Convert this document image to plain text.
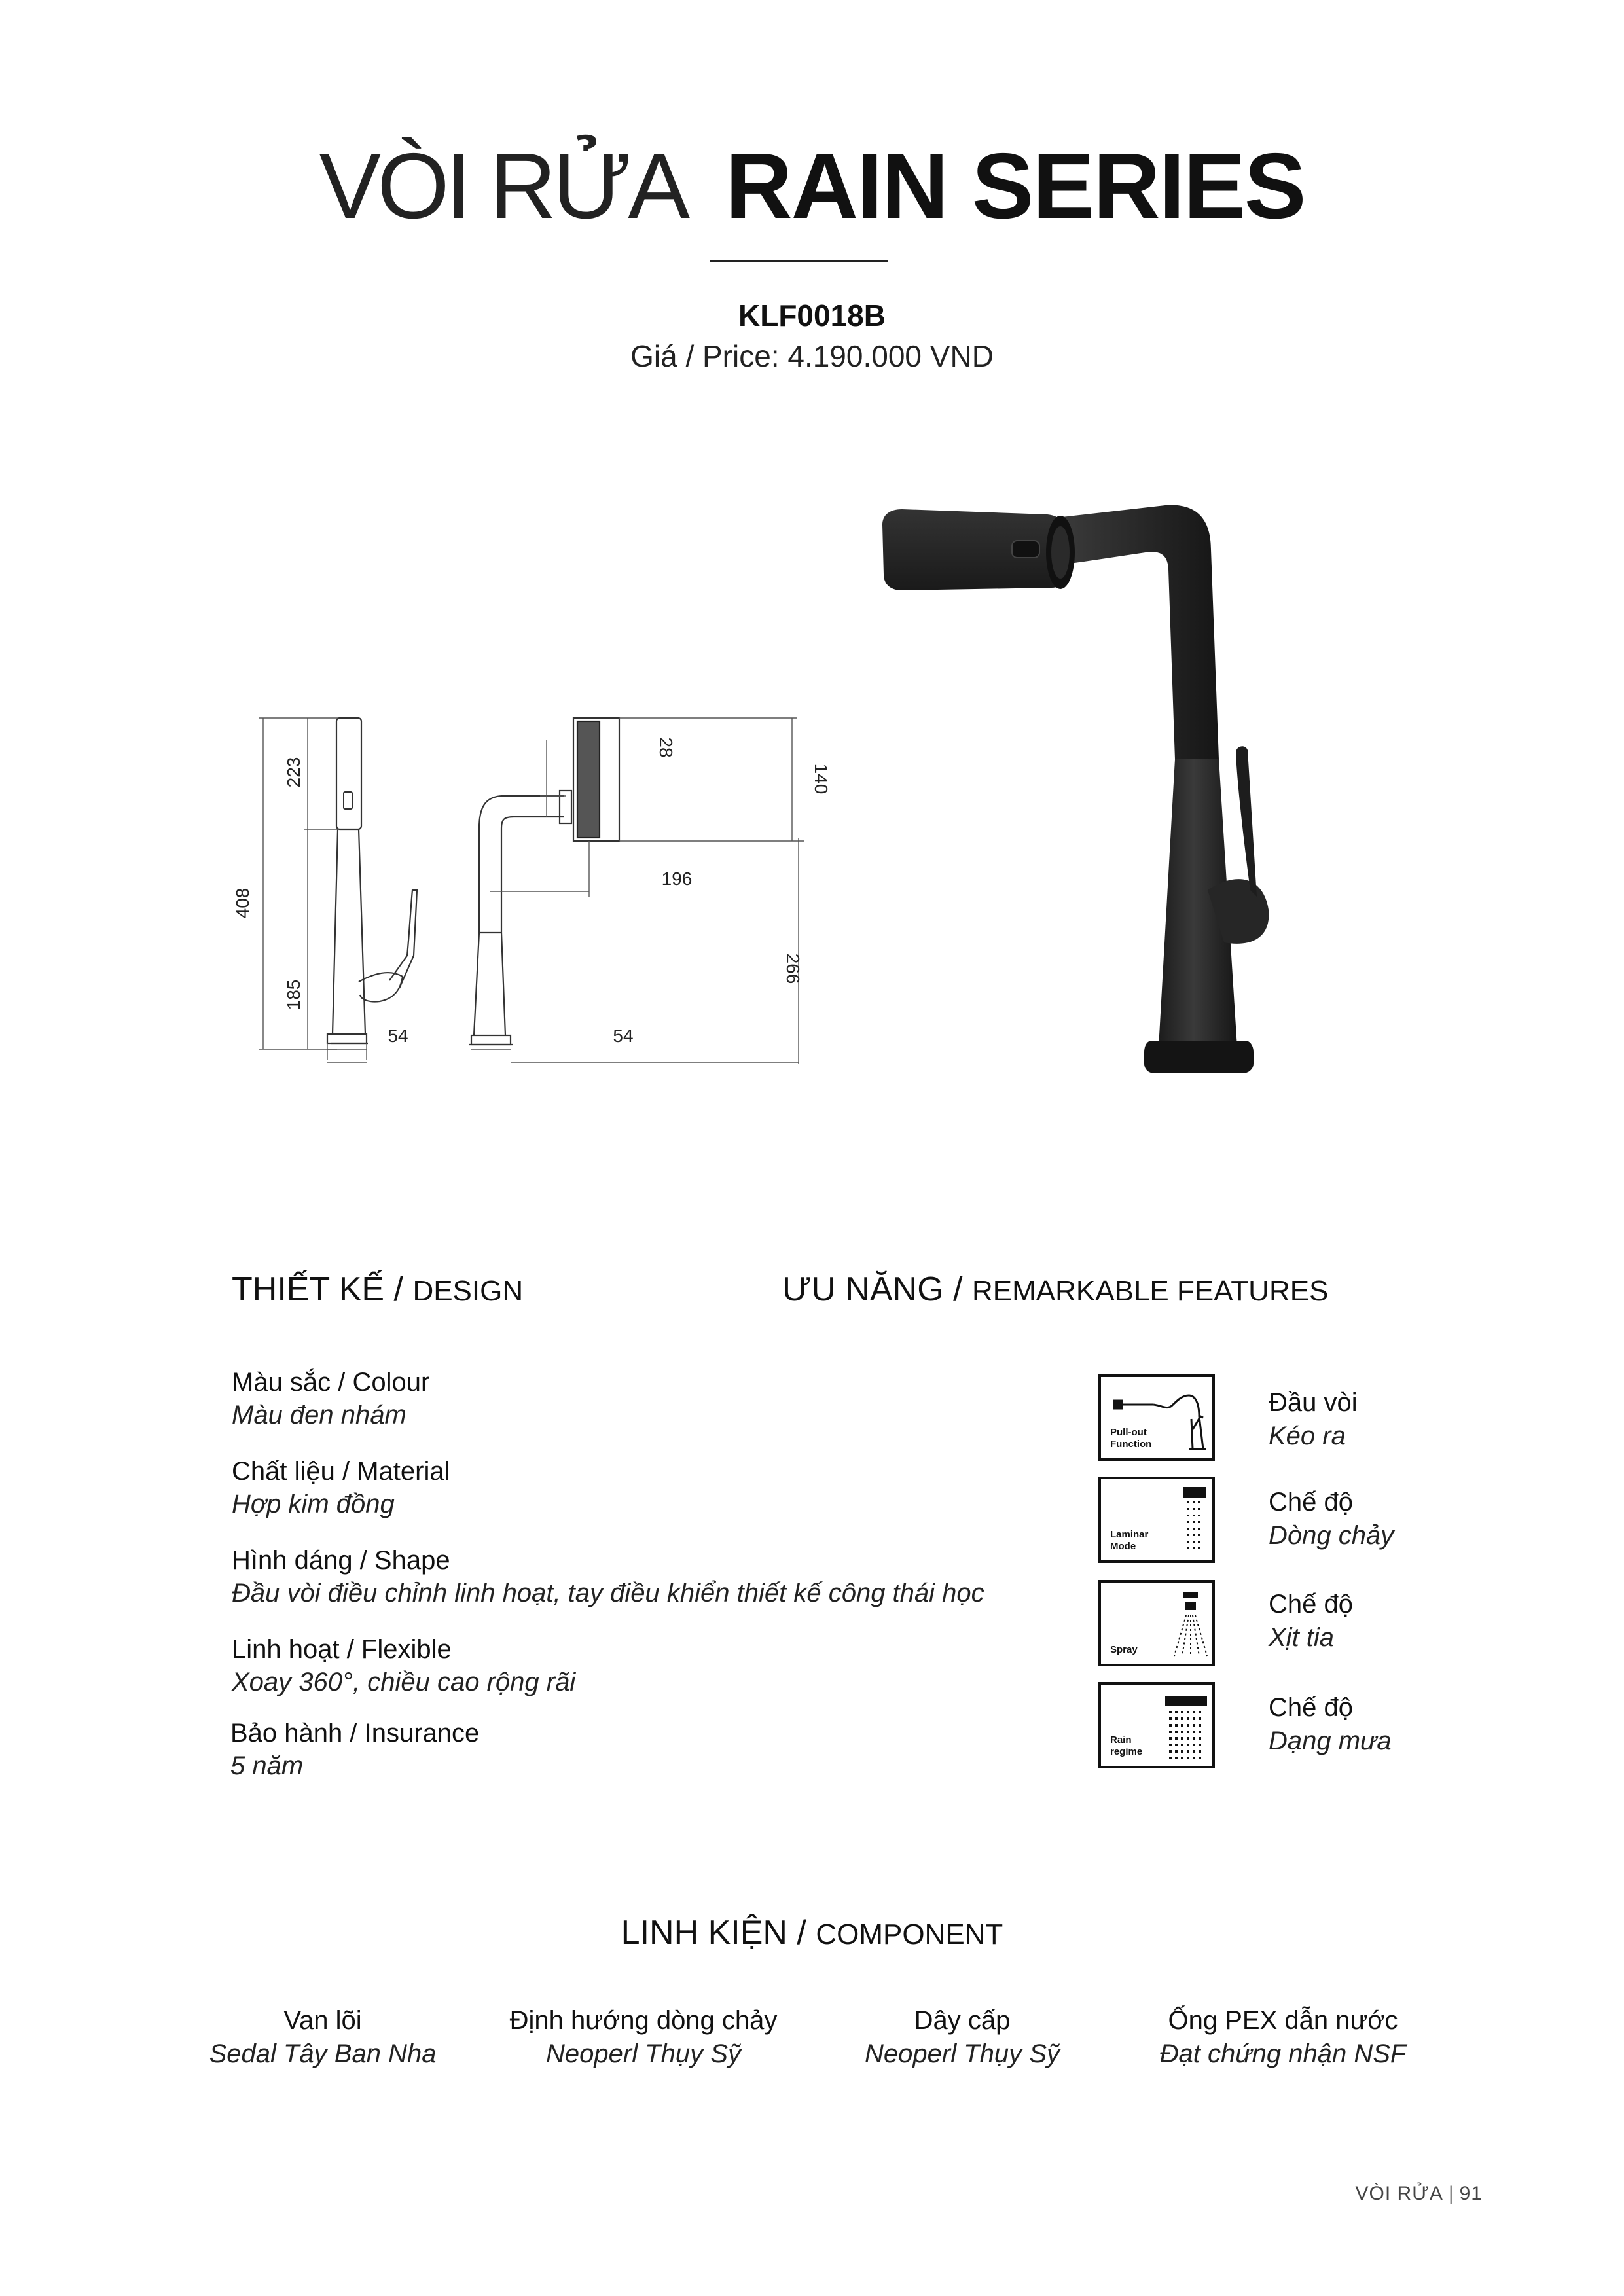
VÒI RỬA RAIN SERIES
KLF0018B
Giá / Price: 4.190.000 VND
408
223
185
54	54
196
266
140
28
THIẾT KẾ / DESIGN
Màu sắc / Colour
Màu đen nhám
Chất liệu / Material
Hợp kim đồng
Hình dáng / Shape
Đầu vòi điều chỉnh linh hoạt, tay điều khiển thiết kế công thái học
Linh hoạt / Flexible
Xoay 360°, chiều cao rộng rãi
Bảo hành / Insurance
5 năm
ƯU NĂNG / REMARKABLE FEATURES
Pull-out
Function
Đầu vòi
Kéo ra
Laminar
Mode
Chế độ
Dòng chảy
Spray
Chế độ
Xịt tia
Rain
regime
Chế độ
Dạng mưa
LINH KIỆN / COMPONENT
Van lõi
Sedal Tây Ban Nha
Định hướng dòng chảy
Neoperl Thụy Sỹ
Dây cấp
Neoperl Thụy Sỹ
Ống PEX dẫn nước
Đạt chứng nhận NSF
VÒI RỬA | 91
